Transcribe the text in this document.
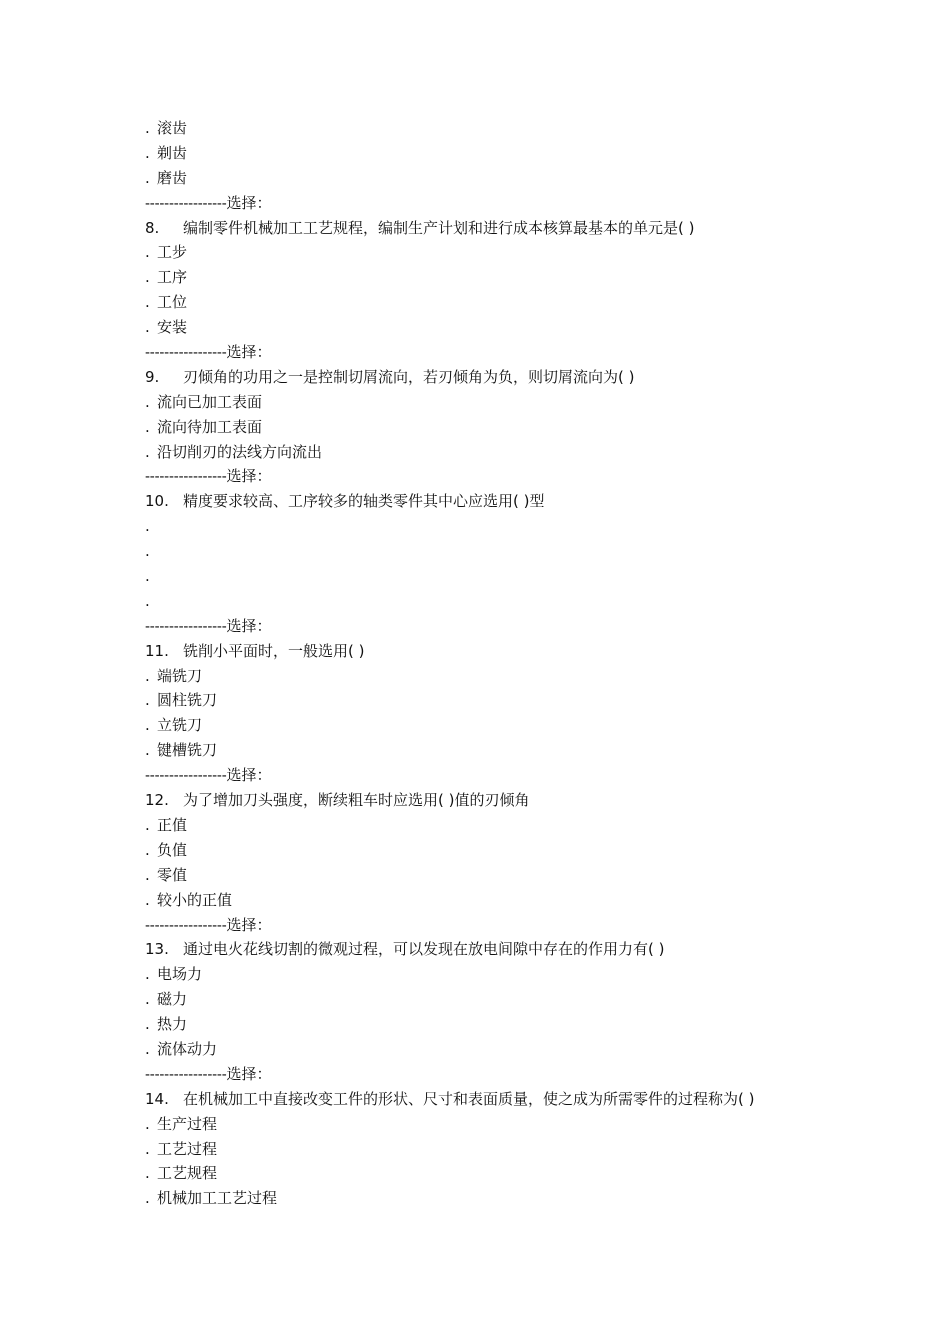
. 滚齿
. 剃齿
. 磨齿
-----------------选择：
8. 编制零件机械加工工艺规程，编制生产计划和进行成本核算最基本的单元是( )
. 工步
. 工序
. 工位
. 安装
-----------------选择：
9. 刃倾角的功用之一是控制切屑流向，若刃倾角为负，则切屑流向为( )
. 流向已加工表面
. 流向待加工表面
. 沿切削刃的法线方向流出
-----------------选择：
10. 精度要求较高、工序较多的轴类零件其中心应选用( )型
.
.
.
.
-----------------选择：
11. 铣削小平面时，一般选用( )
. 端铣刀
. 圆柱铣刀
. 立铣刀
. 键槽铣刀
-----------------选择：
12. 为了增加刀头强度，断续粗车时应选用( )值的刃倾角
. 正值
. 负值
. 零值
. 较小的正值
-----------------选择：
13. 通过电火花线切割的微观过程，可以发现在放电间隙中存在的作用力有( )
. 电场力
. 磁力
. 热力
. 流体动力
-----------------选择：
14. 在机械加工中直接改变工件的形状、尺寸和表面质量，使之成为所需零件的过程称为( )
. 生产过程
. 工艺过程
. 工艺规程
. 机械加工工艺过程
